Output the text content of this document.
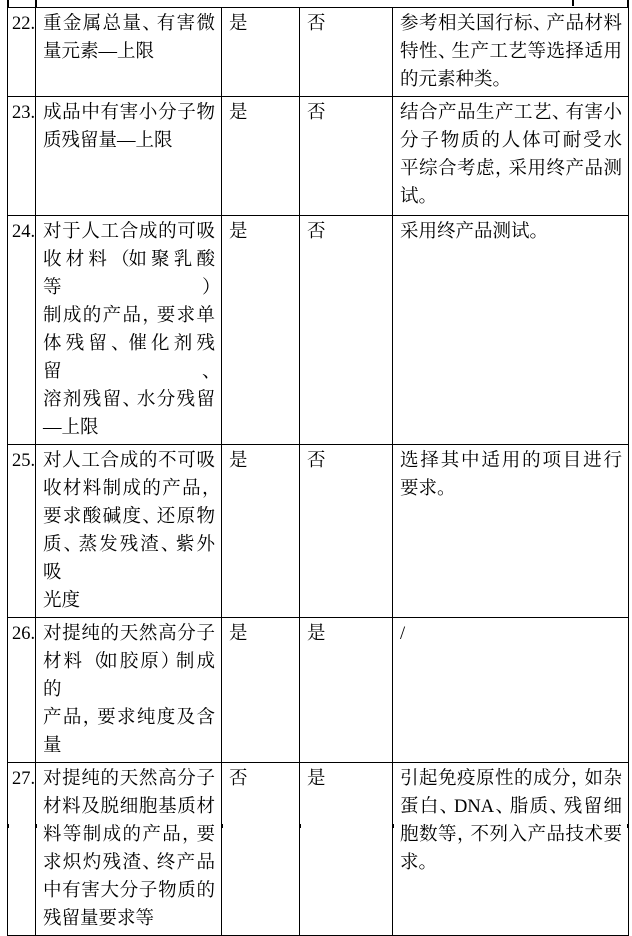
22.	重金属总量、有害微
量元素—上限
	是	否	参考相关国行标、产品材料
特性、生产工艺等选择适用
的元素种类。

23.	成品中有害小分子物
质残留量—上限
	是	否	结合产品生产工艺、有害小
分子物质的人体可耐受水
平综合考虑，采用终产品测
试。

24.	对于人工合成的可吸
收材料（如聚乳酸等）
制成的产品，要求单
体残留、催化剂残留、
溶剂残留、水分残留
—上限
	是	否	采用终产品测试。

25.	对人工合成的不可吸
收材料制成的产品，
要求酸碱度、还原物
质、蒸发残渣、紫外吸
光度
	是	否	选择其中适用的项目进行
要求。

26.	对提纯的天然高分子
材料（如胶原）制成的
产品，要求纯度及含
量	是	是	/

27.	对提纯的天然高分子
材料及脱细胞基质材
料等制成的产品，要
求炽灼残渣、终产品
中有害大分子物质的
残留量要求等
	否	是	引起免疫原性的成分，如杂
蛋白、DNA、脂质、残留细
胞数等，不列入产品技术要
求。
